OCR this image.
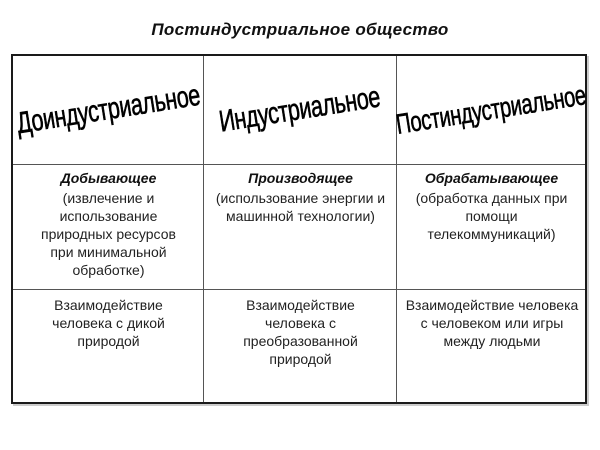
Постиндустриальное общество
Доиндустриальное Индустриальное Постиндустриальное
Добывающее
(извлечение и использование природных ресурсов при минимальной обработке)
Производящее
(использование энергии и машинной технологии)
Обрабатывающее
(обработка данных при помощи телекоммуникаций)
Взаимодействие человека с дикой природой
Взаимодействие человека с преобразованной природой
Взаимодействие человека с человеком или игры между людьми
